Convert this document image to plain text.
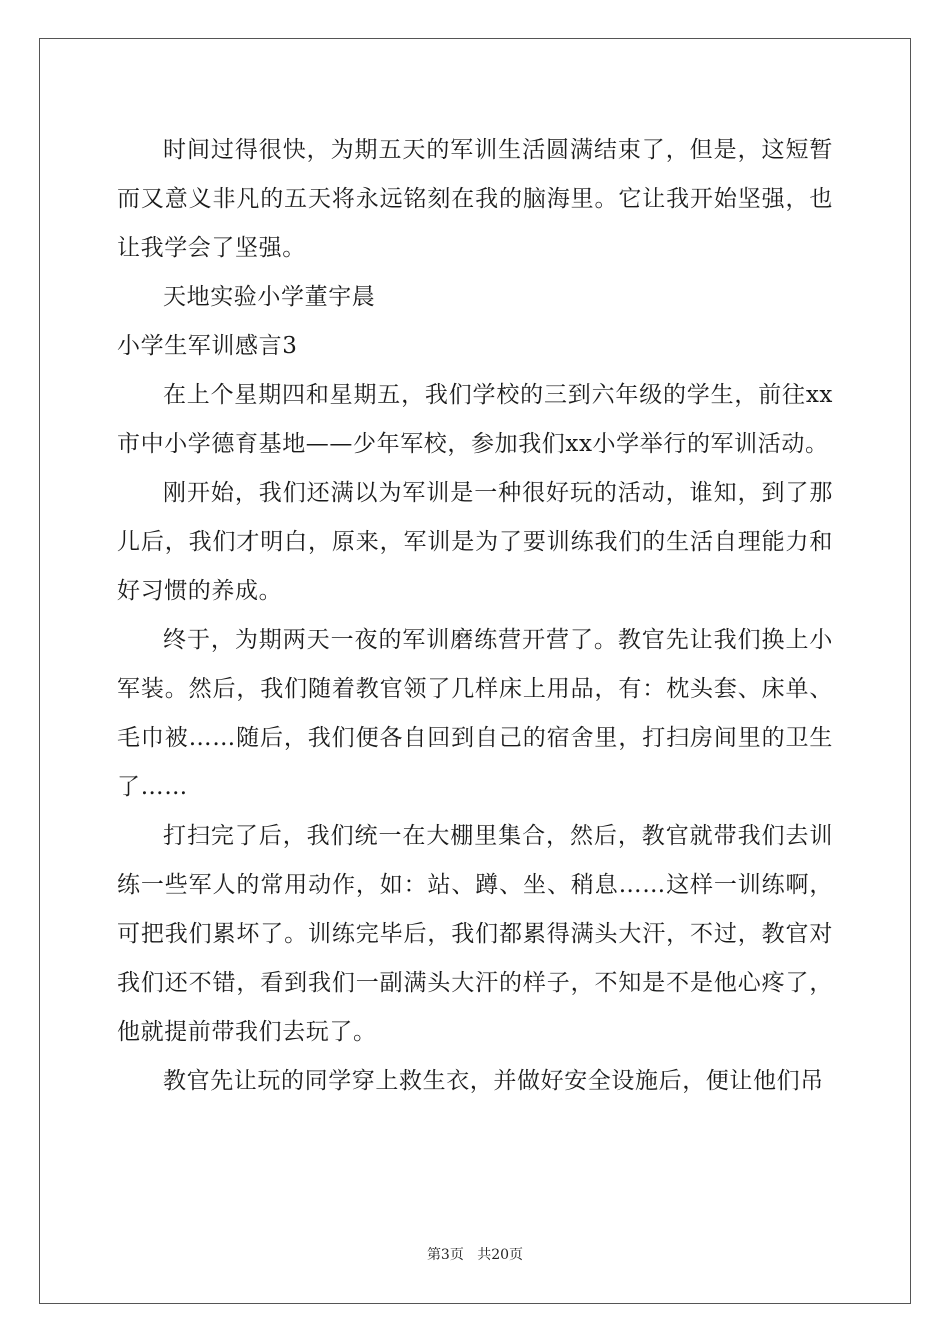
时间过得很快，为期五天的军训生活圆满结束了，但是，这短暂而又意义非凡的五天将永远铭刻在我的脑海里。它让我开始坚强，也让我学会了坚强。

天地实验小学董宇晨

小学生军训感言3

在上个星期四和星期五，我们学校的三到六年级的学生，前往xx市中小学德育基地——少年军校，参加我们xx小学举行的军训活动。

刚开始，我们还满以为军训是一种很好玩的活动，谁知，到了那儿后，我们才明白，原来，军训是为了要训练我们的生活自理能力和好习惯的养成。

终于，为期两天一夜的军训磨练营开营了。教官先让我们换上小军装。然后，我们随着教官领了几样床上用品，有：枕头套、床单、毛巾被……随后，我们便各自回到自己的宿舍里，打扫房间里的卫生了……

打扫完了后，我们统一在大棚里集合，然后，教官就带我们去训练一些军人的常用动作，如：站、蹲、坐、稍息……这样一训练啊，可把我们累坏了。训练完毕后，我们都累得满头大汗，不过，教官对我们还不错，看到我们一副满头大汗的样子，不知是不是他心疼了，他就提前带我们去玩了。

教官先让玩的同学穿上救生衣，并做好安全设施后，便让他们吊

第3页 共20页
